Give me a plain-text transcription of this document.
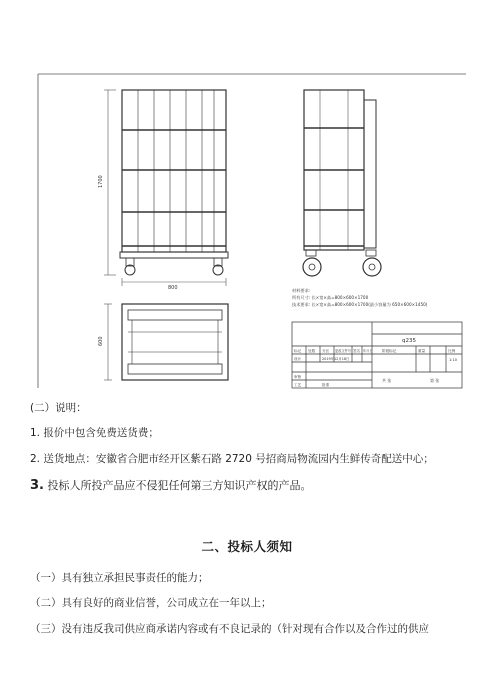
1700
800	材料要求:
所有尺寸: 长×宽×高=800×600×1700
技术要求: 长×宽×高=800×600×1700(最小容量为 650×600×1450)
600	q235
标记 处数 分区 更改文件号 签名 年月日
设计	2019年12月18日
阶段标记	重量	比例
1:10
审核
工艺	批准
共 张	第 张
(二）说明：
1. 报价中包含免费送货费；
2. 送货地点：安徽省合肥市经开区紫石路 2720 号招商局物流园内生鲜传奇配送中心；
3. 投标人所投产品应不侵犯任何第三方知识产权的产品。
二、投标人须知
（一）具有独立承担民事责任的能力；
（二）具有良好的商业信誉，公司成立在一年以上；
（三）没有违反我司供应商承诺内容或有不良记录的（针对现有合作以及合作过的供应
